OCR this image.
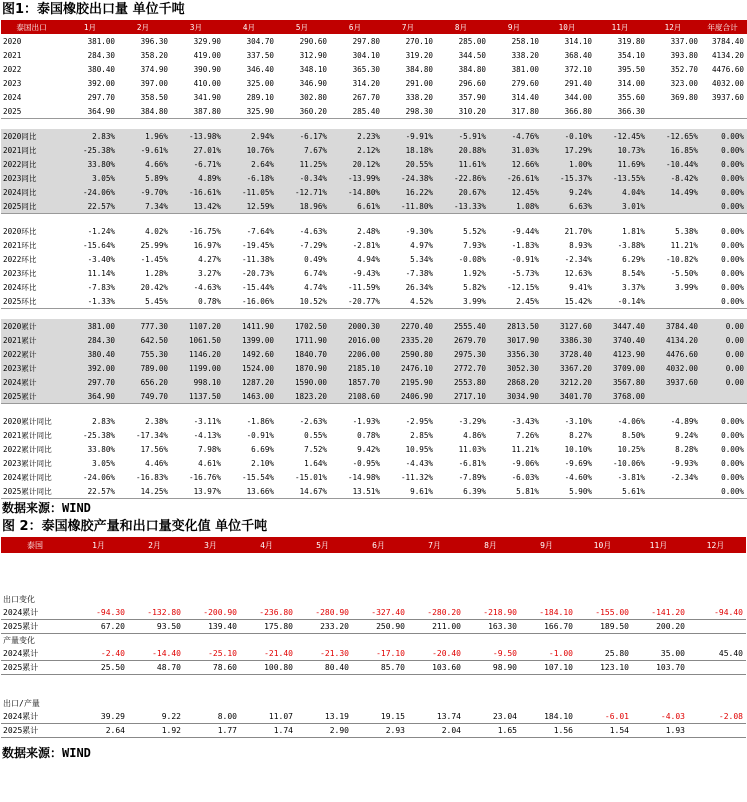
图1：泰国橡胶出口量 单位千吨
泰国出口	1月	2月	3月	4月	5月	6月	7月	8月	9月	10月	11月	12月	年度合计
2020	381.00	396.30	329.90	304.70	290.60	297.80	270.10	285.00	258.10	314.10	319.80	337.00	3784.40
2021	284.30	358.20	419.00	337.50	312.90	304.10	319.20	344.50	338.20	368.40	354.10	393.80	4134.20
2022	380.40	374.90	390.90	346.40	348.10	365.30	384.80	384.80	381.00	372.10	395.50	352.70	4476.60
2023	392.00	397.00	410.00	325.00	346.90	314.20	291.00	296.60	279.60	291.40	314.00	323.00	4032.00
2024	297.70	358.50	341.90	289.10	302.80	267.70	338.20	357.90	314.40	344.00	355.60	369.80	3937.60
2025	364.90	384.80	387.80	325.90	360.20	285.40	298.30	310.20	317.80	366.80	366.30		

2020同比	2.83%	1.96%	-13.98%	2.94%	-6.17%	2.23%	-9.91%	-5.91%	-4.76%	-0.10%	-12.45%	-12.65%	0.00%
2021同比	-25.38%	-9.61%	27.01%	10.76%	7.67%	2.12%	18.18%	20.88%	31.03%	17.29%	10.73%	16.85%	0.00%
2022同比	33.80%	4.66%	-6.71%	2.64%	11.25%	20.12%	20.55%	11.61%	12.66%	1.00%	11.69%	-10.44%	0.00%
2023同比	3.05%	5.89%	4.89%	-6.18%	-0.34%	-13.99%	-24.38%	-22.86%	-26.61%	-15.37%	-13.55%	-8.42%	0.00%
2024同比	-24.06%	-9.70%	-16.61%	-11.05%	-12.71%	-14.80%	16.22%	20.67%	12.45%	9.24%	4.04%	14.49%	0.00%
2025同比	22.57%	7.34%	13.42%	12.59%	18.96%	6.61%	-11.80%	-13.33%	1.08%	6.63%	3.01%		0.00%

2020环比	-1.24%	4.02%	-16.75%	-7.64%	-4.63%	2.48%	-9.30%	5.52%	-9.44%	21.70%	1.81%	5.38%	0.00%
2021环比	-15.64%	25.99%	16.97%	-19.45%	-7.29%	-2.81%	4.97%	7.93%	-1.83%	8.93%	-3.88%	11.21%	0.00%
2022环比	-3.40%	-1.45%	4.27%	-11.38%	0.49%	4.94%	5.34%	-0.08%	-0.91%	-2.34%	6.29%	-10.82%	0.00%
2023环比	11.14%	1.28%	3.27%	-20.73%	6.74%	-9.43%	-7.38%	1.92%	-5.73%	12.63%	8.54%	-5.50%	0.00%
2024环比	-7.83%	20.42%	-4.63%	-15.44%	4.74%	-11.59%	26.34%	5.82%	-12.15%	9.41%	3.37%	3.99%	0.00%
2025环比	-1.33%	5.45%	0.78%	-16.06%	10.52%	-20.77%	4.52%	3.99%	2.45%	15.42%	-0.14%		0.00%

2020累计	381.00	777.30	1107.20	1411.90	1702.50	2000.30	2270.40	2555.40	2813.50	3127.60	3447.40	3784.40	0.00
2021累计	284.30	642.50	1061.50	1399.00	1711.90	2016.00	2335.20	2679.70	3017.90	3386.30	3740.40	4134.20	0.00
2022累计	380.40	755.30	1146.20	1492.60	1840.70	2206.00	2590.80	2975.30	3356.30	3728.40	4123.90	4476.60	0.00
2023累计	392.00	789.00	1199.00	1524.00	1870.90	2185.10	2476.10	2772.70	3052.30	3367.20	3709.00	4032.00	0.00
2024累计	297.70	656.20	998.10	1287.20	1590.00	1857.70	2195.90	2553.80	2868.20	3212.20	3567.80	3937.60	0.00
2025累计	364.90	749.70	1137.50	1463.00	1823.20	2108.60	2406.90	2717.10	3034.90	3401.70	3768.00		

2020累计同比	2.83%	2.38%	-3.11%	-1.86%	-2.63%	-1.93%	-2.95%	-3.29%	-3.43%	-3.10%	-4.06%	-4.89%	0.00%
2021累计同比	-25.38%	-17.34%	-4.13%	-0.91%	0.55%	0.78%	2.85%	4.86%	7.26%	8.27%	8.50%	9.24%	0.00%
2022累计同比	33.80%	17.56%	7.98%	6.69%	7.52%	9.42%	10.95%	11.03%	11.21%	10.10%	10.25%	8.28%	0.00%
2023累计同比	3.05%	4.46%	4.61%	2.10%	1.64%	-0.95%	-4.43%	-6.81%	-9.06%	-9.69%	-10.06%	-9.93%	0.00%
2024累计同比	-24.06%	-16.83%	-16.76%	-15.54%	-15.01%	-14.98%	-11.32%	-7.89%	-6.03%	-4.60%	-3.81%	-2.34%	0.00%
2025累计同比	22.57%	14.25%	13.97%	13.66%	14.67%	13.51%	9.61%	6.39%	5.81%	5.90%	5.61%		0.00%
数据来源：WIND
图 2：泰国橡胶产量和出口量变化值 单位千吨
泰国	1月	2月	3月	4月	5月	6月	7月	8月	9月	10月	11月	12月

出口变化												
2024累计	-94.30	-132.80	-200.90	-236.80	-280.90	-327.40	-280.20	-218.90	-184.10	-155.00	-141.20	-94.40
2025累计	67.20	93.50	139.40	175.80	233.20	250.90	211.00	163.30	166.70	189.50	200.20	
产量变化												
2024累计	-2.40	-14.40	-25.10	-21.40	-21.30	-17.10	-20.40	-9.50	-1.00	25.80	35.00	45.40
2025累计	25.50	48.70	78.60	100.80	80.40	85.70	103.60	98.90	107.10	123.10	103.70	

出口/产量												
2024累计	39.29	9.22	8.00	11.07	13.19	19.15	13.74	23.04	184.10	-6.01	-4.03	-2.08
2025累计	2.64	1.92	1.77	1.74	2.90	2.93	2.04	1.65	1.56	1.54	1.93	
数据来源：WIND
